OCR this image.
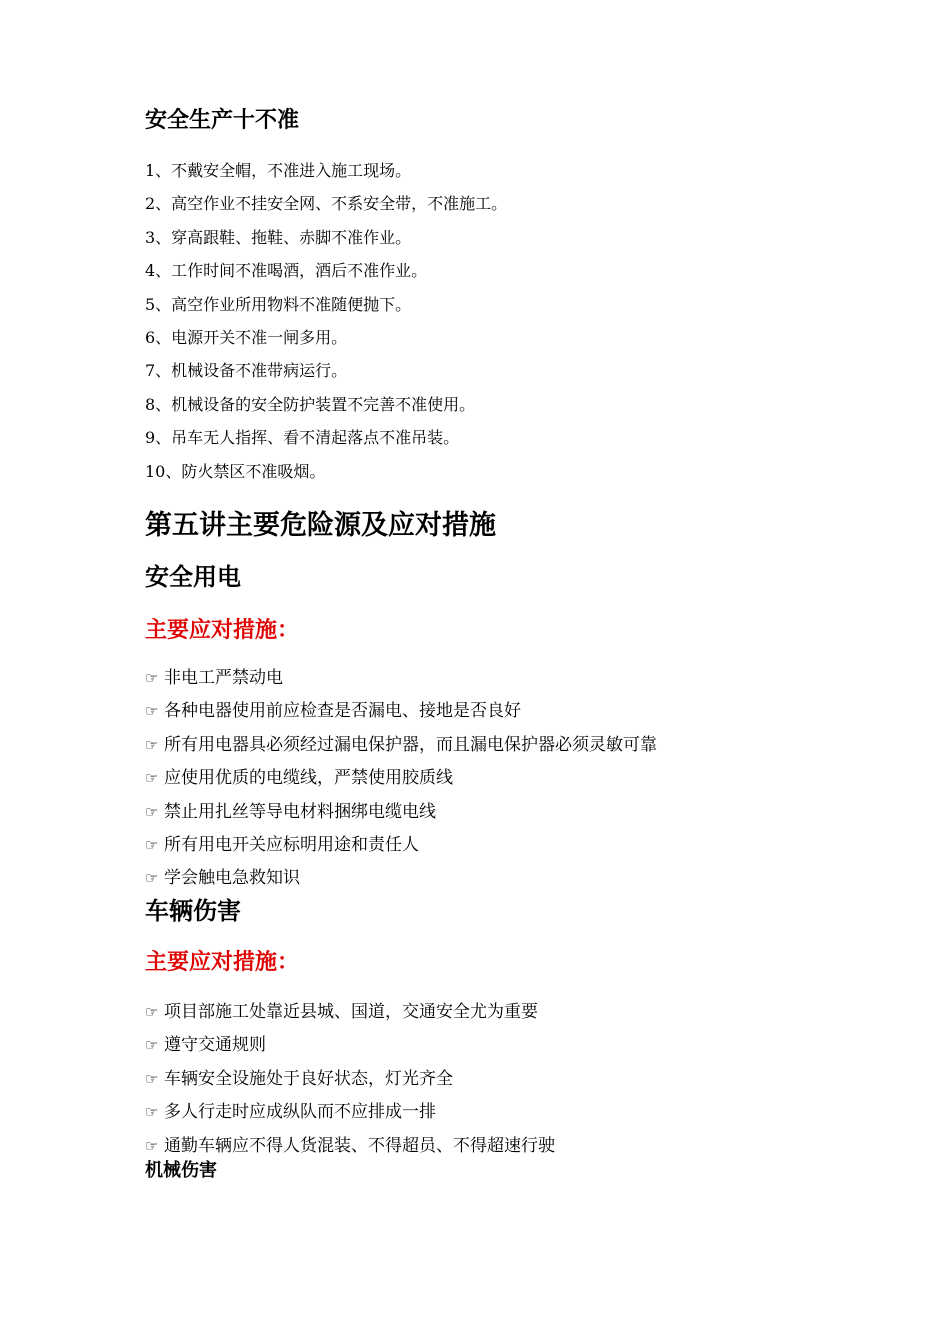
安全生产十不准
1、不戴安全帽，不准进入施工现场。
2、高空作业不挂安全网、不系安全带，不准施工。
3、穿高跟鞋、拖鞋、赤脚不准作业。
4、工作时间不准喝酒，酒后不准作业。
5、高空作业所用物料不准随便抛下。
6、电源开关不准一闸多用。
7、机械设备不准带病运行。
8、机械设备的安全防护装置不完善不准使用。
9、吊车无人指挥、看不清起落点不准吊装。
10、防火禁区不准吸烟。
第五讲主要危险源及应对措施
安全用电
主要应对措施：
☞ 非电工严禁动电
☞ 各种电器使用前应检查是否漏电、接地是否良好
☞ 所有用电器具必须经过漏电保护器，而且漏电保护器必须灵敏可靠
☞ 应使用优质的电缆线，严禁使用胶质线
☞ 禁止用扎丝等导电材料捆绑电缆电线
☞ 所有用电开关应标明用途和责任人
☞ 学会触电急救知识
车辆伤害
主要应对措施：
☞ 项目部施工处靠近县城、国道，交通安全尤为重要
☞ 遵守交通规则
☞ 车辆安全设施处于良好状态，灯光齐全
☞ 多人行走时应成纵队而不应排成一排
☞ 通勤车辆应不得人货混装、不得超员、不得超速行驶
机械伤害
